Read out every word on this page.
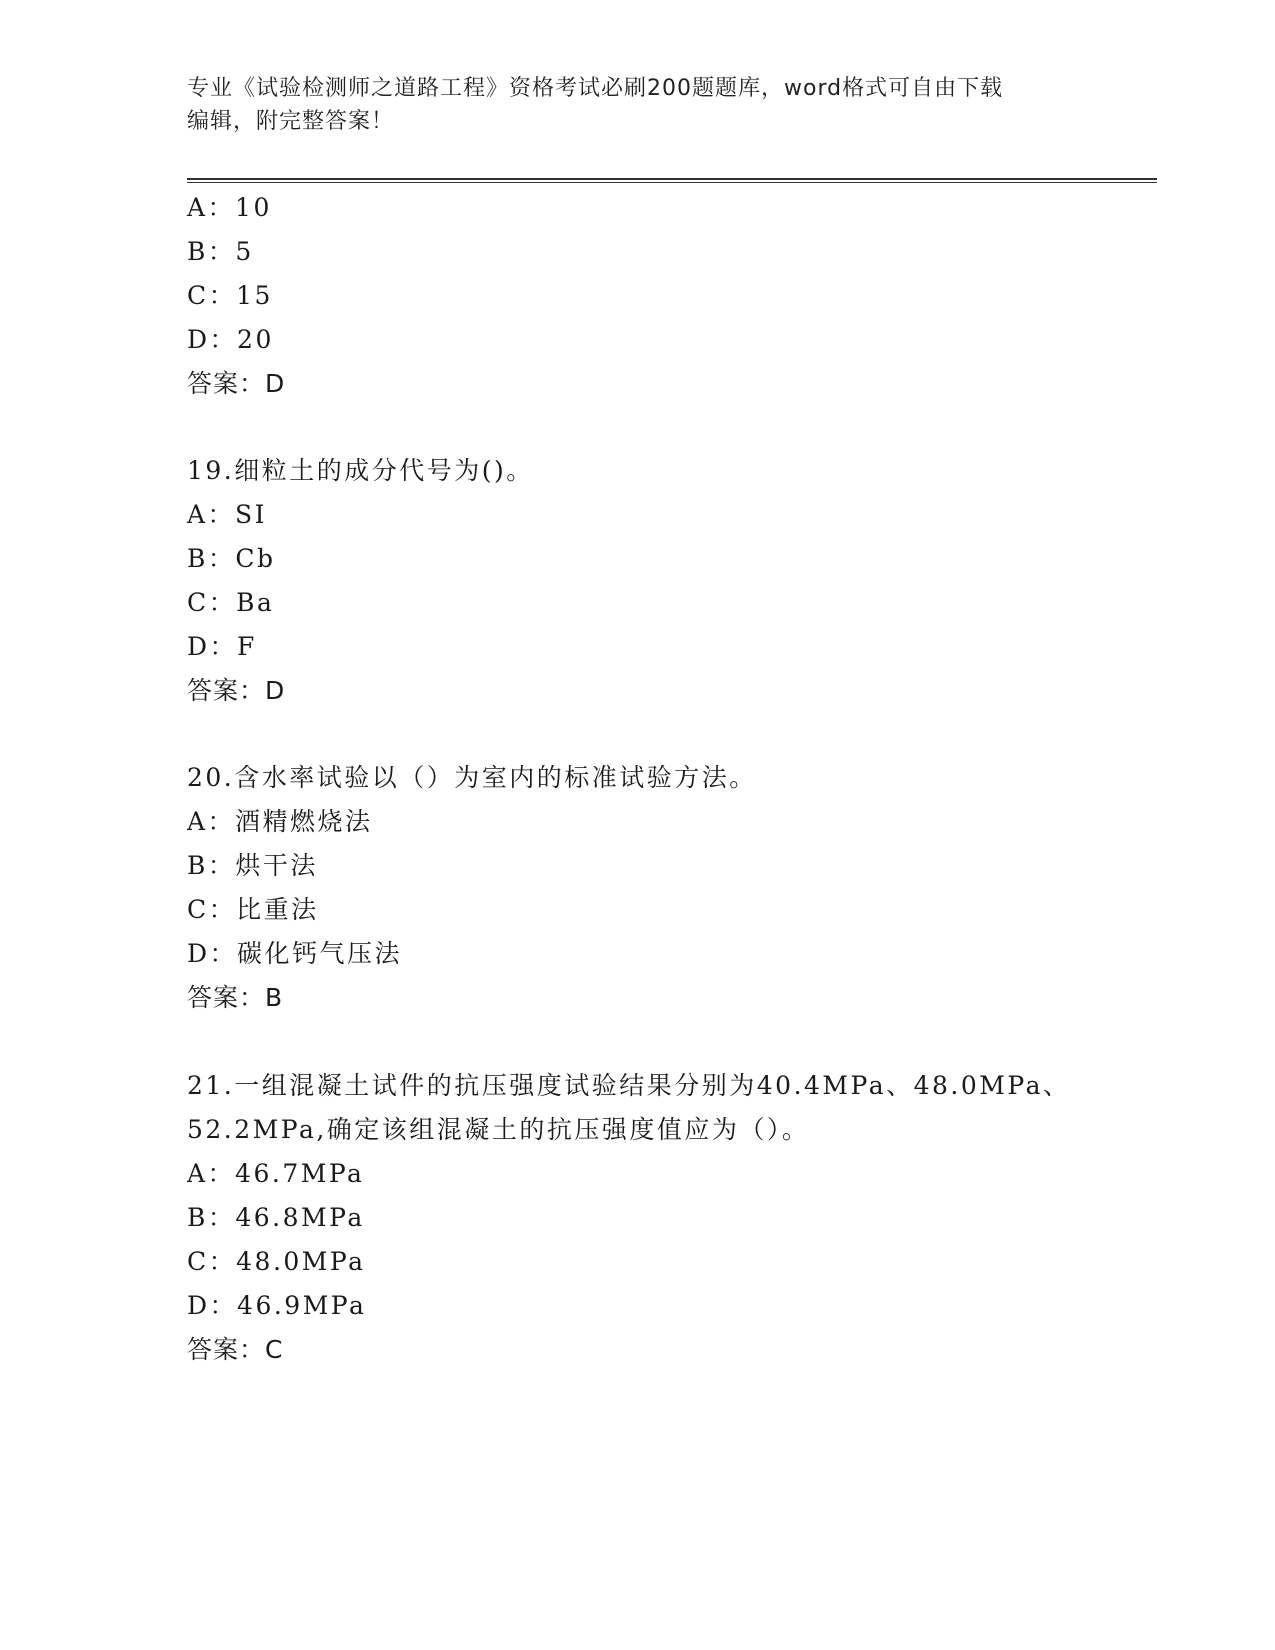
专业《试验检测师之道路工程》资格考试必刷200题题库，word格式可自由下载
编辑，附完整答案！
A：10
B：5
C：15
D：20
答案：D
19.细粒土的成分代号为()。
A：SI
B：Cb
C：Ba
D：F
答案：D
20.含水率试验以（）为室内的标准试验方法。
A：酒精燃烧法
B：烘干法
C：比重法
D：碳化钙气压法
答案：B
21.一组混凝土试件的抗压强度试验结果分别为40.4MPa、48.0MPa、
52.2MPa,确定该组混凝土的抗压强度值应为（）。
A：46.7MPa
B：46.8MPa
C：48.0MPa
D：46.9MPa
答案：C
